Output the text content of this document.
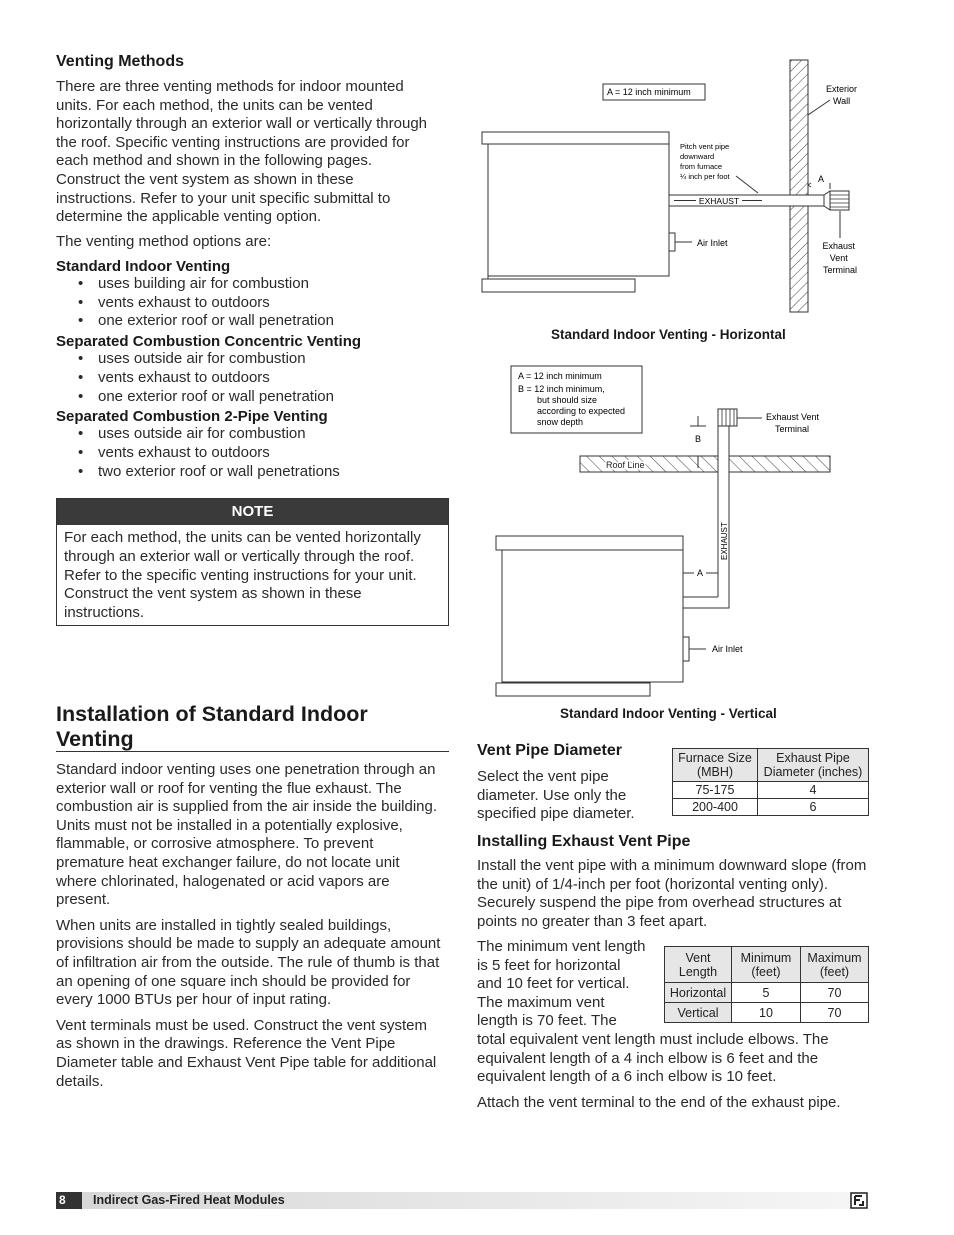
Venting Methods
There are three venting methods for indoor mounted units. For each method, the units can be vented horizontally through an exterior wall or vertically through the roof. Specific venting instructions are provided for each method and shown in the following pages. Construct the vent system as shown in these instructions. Refer to your unit specific submittal to determine the applicable venting option.
The venting method options are:
Standard Indoor Venting
• uses building air for combustion
• vents exhaust to outdoors
• one exterior roof or wall penetration
Separated Combustion Concentric Venting
• uses outside air for combustion
• vents exhaust to outdoors
• one exterior roof or wall penetration
Separated Combustion 2-Pipe Venting
• uses outside air for combustion
• vents exhaust to outdoors
• two exterior roof or wall penetrations
NOTE
For each method, the units can be vented horizontally through an exterior wall or vertically through the roof. Refer to the specific venting instructions for your unit. Construct the vent system as shown in these instructions.
Installation of Standard Indoor Venting
Standard indoor venting uses one penetration through an exterior wall or roof for venting the flue exhaust. The combustion air is supplied from the air inside the building. Units must not be installed in a potentially explosive, flammable, or corrosive atmosphere. To prevent premature heat exchanger failure, do not locate unit where chlorinated, halogenated or acid vapors are present.
When units are installed in tightly sealed buildings, provisions should be made to supply an adequate amount of infiltration air from the outside. The rule of thumb is that an opening of one square inch should be provided for every 1000 BTUs per hour of input rating.
Vent terminals must be used. Construct the vent system as shown in the drawings. Reference the Vent Pipe Diameter table and Exhaust Vent Pipe table for additional details.
EXHAUST
A
Air Inlet
A = 12 inch minimum
Pitch vent pipe downward from furnace ¼ inch per foot
Exterior Wall
Exhaust Vent Terminal
Standard Indoor Venting - Horizontal
A = 12 inch minimum B = 12 inch minimum, but should size according to expected snow depth
Roof Line
EXHAUST
Exhaust Vent Terminal
B
A
Air Inlet
Standard Indoor Venting - Vertical
Vent Pipe Diameter
Select the vent pipe diameter. Use only the specified pipe diameter.
Furnace Size (MBH)	Exhaust Pipe Diameter (inches)
75-175	4
200-400	6
Installing Exhaust Vent Pipe
Install the vent pipe with a minimum downward slope (from the unit) of 1/4-inch per foot (horizontal venting only). Securely suspend the pipe from overhead structures at points no greater than 3 feet apart.
The minimum vent length
is 5 feet for horizontal
and 10 feet for vertical.
The maximum vent
length is 70 feet. The
total equivalent vent length must include elbows. The equivalent length of a 4 inch elbow is 6 feet and the equivalent length of a 6 inch elbow is 10 feet.
Attach the vent terminal to the end of the exhaust pipe.
Vent Length	Minimum (feet)	Maximum (feet)
Horizontal	5	70
Vertical	10	70
8	Indirect Gas-Fired Heat Modules
